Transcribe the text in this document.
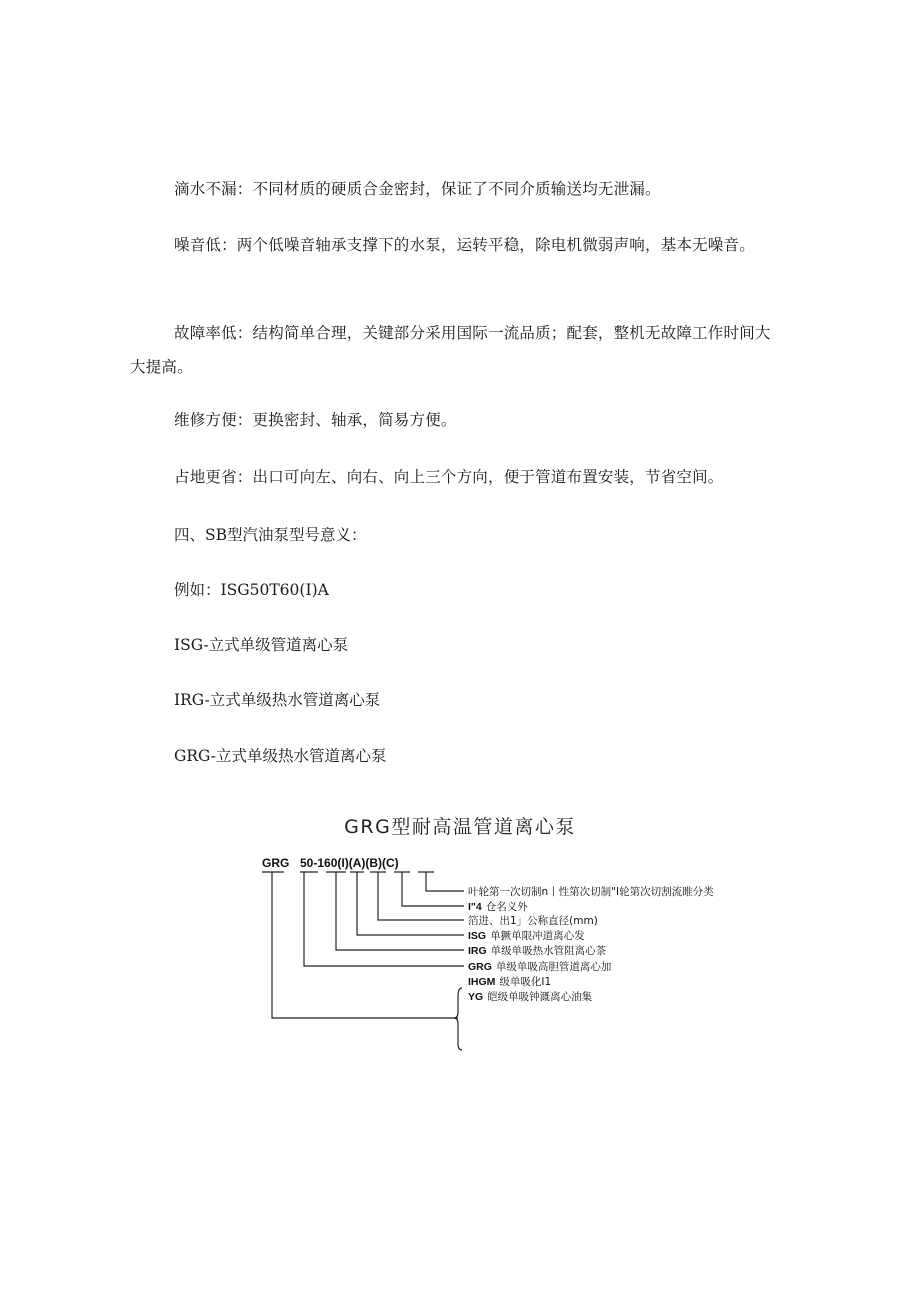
滴水不漏：不同材质的硬质合金密封，保证了不同介质输送均无泄漏。

噪音低：两个低噪音轴承支撑下的水泵，运转平稳，除电机微弱声响，基本无噪音。

故障率低：结构简单合理，关键部分采用国际一流品质；配套，整机无故障工作时间大大提高。

维修方便：更换密封、轴承，简易方便。

占地更省：出口可向左、向右、向上三个方向，便于管道布置安装，节省空间。

四、SB型汽油泵型号意义：

例如：ISG50T60(I)A

ISG-立式单级管道离心泵

IRG-立式单级热水管道离心泵

GRG-立式单级热水管道离心泵

GRG型耐高温管道离心泵
GRG 50-160(I)(A)(B)(C)
叶轮第一次切制n丨性第次切制"I轮第次切割流睢分类
I"4 仓名义外
箔进、出1」公称直径(mm)
ISG 单獗单限冲道离心发
IRG 单级单吸热水管阻离心茶
GRG 单级单吸高胆管道离心加
IHGM 级单吸化I1
YG 皑级单吸钟溉离心油集
